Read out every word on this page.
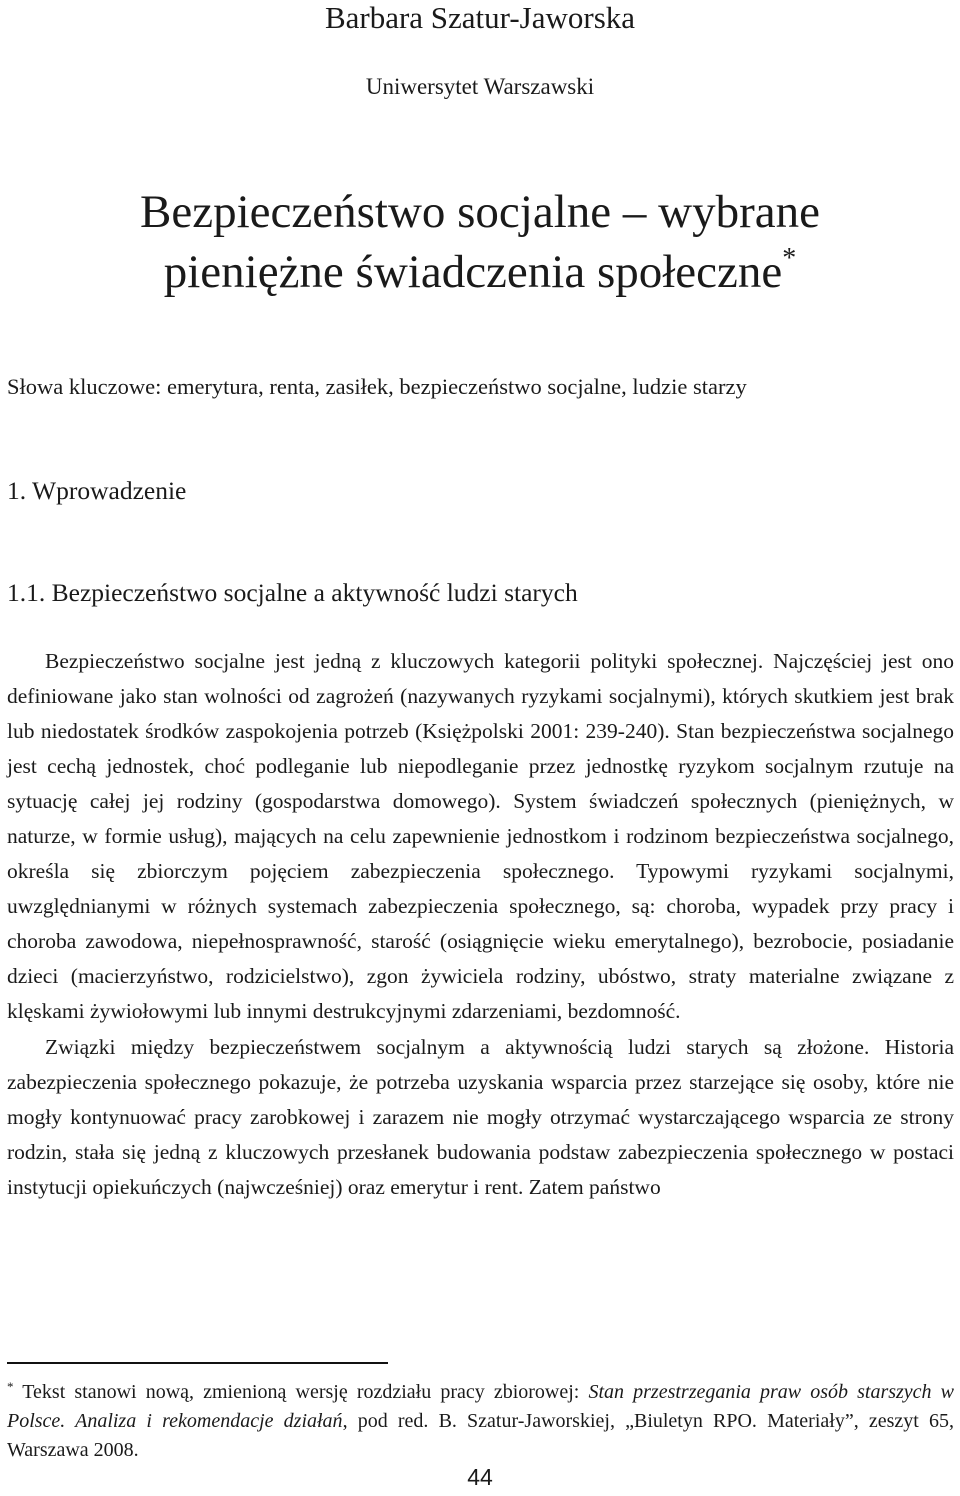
Barbara Szatur-Jaworska
Uniwersytet Warszawski
Bezpieczeństwo socjalne – wybrane
pieniężne świadczenia społeczne*
Słowa kluczowe: emerytura, renta, zasiłek, bezpieczeństwo socjalne, ludzie starzy
1. Wprowadzenie
1.1. Bezpieczeństwo socjalne a aktywność ludzi starych

Bezpieczeństwo socjalne jest jedną z kluczowych kategorii polityki społecznej. Najczęściej jest ono definiowane jako stan wolności od zagrożeń (nazywanych ryzykami socjalnymi), których skutkiem jest brak lub niedostatek środków zaspokojenia potrzeb (Księżpolski 2001: 239-240). Stan bezpieczeństwa socjalnego jest cechą jednostek, choć podleganie lub niepodleganie przez jednostkę ryzykom socjalnym rzutuje na sytuację całej jej rodziny (gospodarstwa domowego). System świadczeń społecznych (pieniężnych, w naturze, w formie usług), mających na celu zapewnienie jednostkom i rodzinom bezpieczeństwa socjalnego, określa się zbiorczym pojęciem zabezpieczenia społecznego. Typowymi ryzykami socjalnymi, uwzględnianymi w różnych systemach zabezpieczenia społecznego, są: choroba, wypadek przy pracy i choroba zawodowa, niepełnosprawność, starość (osiągnięcie wieku emerytalnego), bezrobocie, posiadanie dzieci (macierzyństwo, rodzicielstwo), zgon żywiciela rodziny, ubóstwo, straty materialne związane z klęskami żywiołowymi lub innymi destrukcyjnymi zdarzeniami, bezdomność.

Związki między bezpieczeństwem socjalnym a aktywnością ludzi starych są złożone. Historia zabezpieczenia społecznego pokazuje, że potrzeba uzyskania wsparcia przez starzejące się osoby, które nie mogły kontynuować pracy zarobkowej i zarazem nie mogły otrzymać wystarczającego wsparcia ze strony rodzin, stała się jedną z kluczowych przesłanek budowania podstaw zabezpieczenia społecznego w postaci instytucji opiekuńczych (najwcześniej) oraz emerytur i rent. Zatem państwo

* Tekst stanowi nową, zmienioną wersję rozdziału pracy zbiorowej: Stan przestrzegania praw osób starszych w Polsce. Analiza i rekomendacje działań, pod red. B. Szatur-Jaworskiej, „Biuletyn RPO. Materiały”, zeszyt 65, Warszawa 2008.
44
